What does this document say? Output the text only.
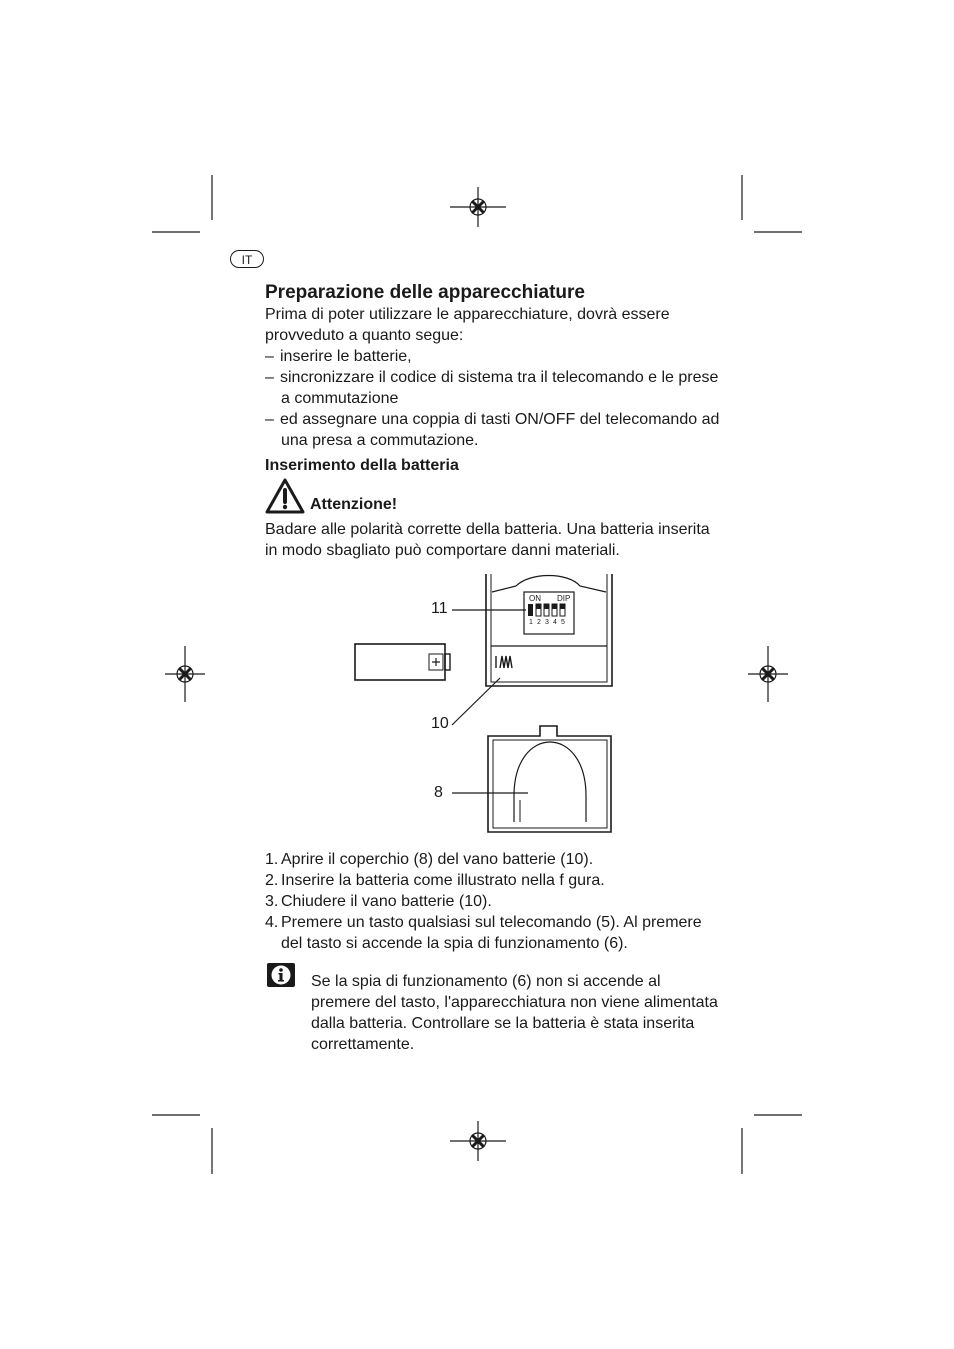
IT
Preparazione delle apparecchiature
Prima di poter utilizzare le apparecchiature, dovrà essere
provveduto a quanto segue:
– inserire le batterie,
– sincronizzare il codice di sistema tra il telecomando e le prese
a commutazione
– ed assegnare una coppia di tasti ON/OFF del telecomando ad
una presa a commutazione.
Inserimento della batteria
Attenzione!
Badare alle polarità corrette della batteria. Una batteria inserita
in modo sbagliato può comportare danni materiali.
11
10
8
ON DIP
1 2 3 4 5
1. Aprire il coperchio (8) del vano batterie (10).
2. Inserire la batteria come illustrato nella f gura.
3. Chiudere il vano batterie (10).
4. Premere un tasto qualsiasi sul telecomando (5). Al premere
del tasto si accende la spia di funzionamento (6).
Se la spia di funzionamento (6) non si accende al
premere del tasto, l'apparecchiatura non viene alimentata
dalla batteria. Controllare se la batteria è stata inserita
correttamente.
